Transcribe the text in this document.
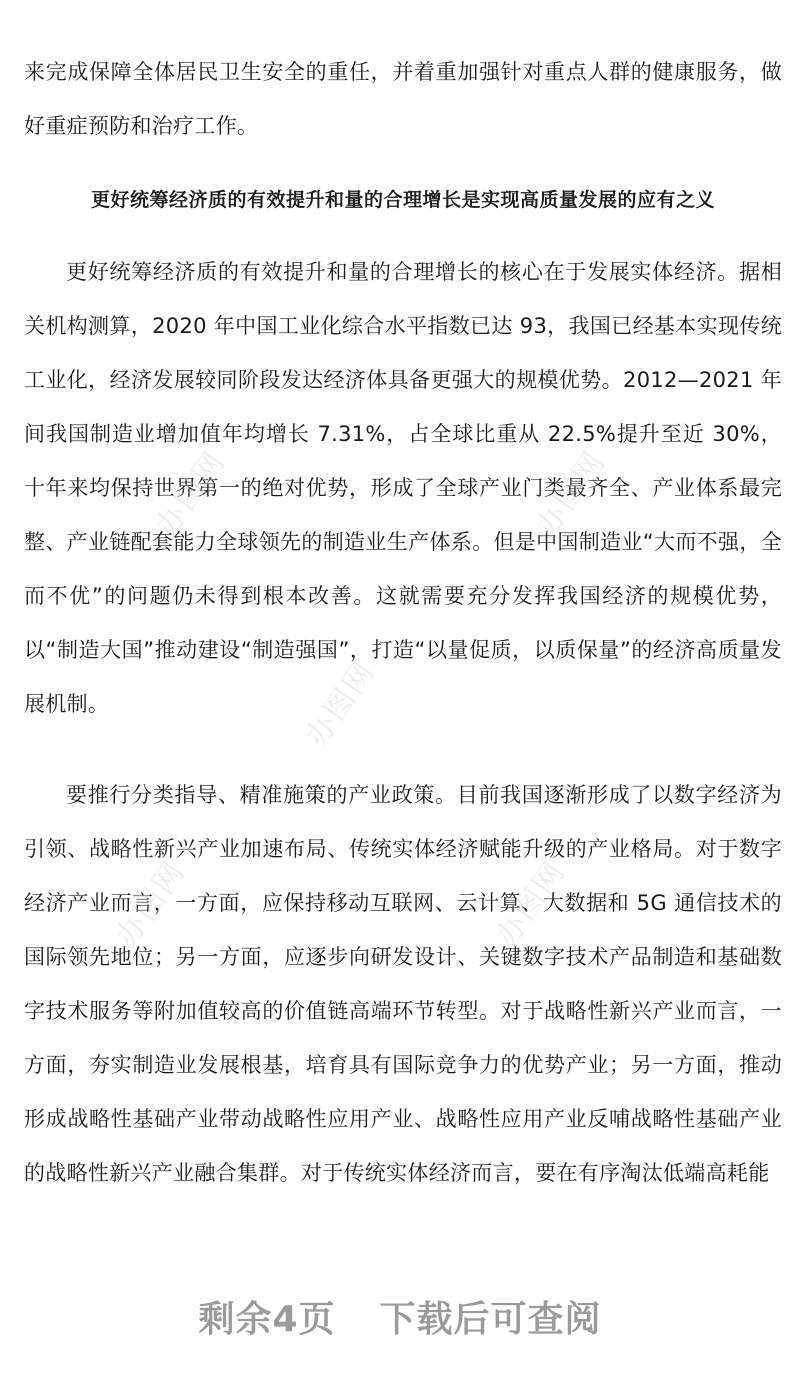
来完成保障全体居民卫生安全的重任，并着重加强针对重点人群的健康服务，做好重症预防和治疗工作。

更好统筹经济质的有效提升和量的合理增长是实现高质量发展的应有之义

更好统筹经济质的有效提升和量的合理增长的核心在于发展实体经济。据相关机构测算，2020 年中国工业化综合水平指数已达 93，我国已经基本实现传统工业化，经济发展较同阶段发达经济体具备更强大的规模优势。2012—2021 年间我国制造业增加值年均增长 7.31%，占全球比重从 22.5%提升至近 30%，十年来均保持世界第一的绝对优势，形成了全球产业门类最齐全、产业体系最完整、产业链配套能力全球领先的制造业生产体系。但是中国制造业“大而不强，全而不优”的问题仍未得到根本改善。这就需要充分发挥我国经济的规模优势，以“制造大国”推动建设“制造强国”，打造“以量促质，以质保量”的经济高质量发展机制。

要推行分类指导、精准施策的产业政策。目前我国逐渐形成了以数字经济为引领、战略性新兴产业加速布局、传统实体经济赋能升级的产业格局。对于数字经济产业而言，一方面，应保持移动互联网、云计算、大数据和 5G 通信技术的国际领先地位；另一方面，应逐步向研发设计、关键数字技术产品制造和基础数字技术服务等附加值较高的价值链高端环节转型。对于战略性新兴产业而言，一方面，夯实制造业发展根基，培育具有国际竞争力的优势产业；另一方面，推动形成战略性基础产业带动战略性应用产业、战略性应用产业反哺战略性基础产业的战略性新兴产业融合集群。对于传统实体经济而言，要在有序淘汰低端高耗能

办图网	办图网
办图网
办图网	办图网
剩余4页 下载后可查阅
